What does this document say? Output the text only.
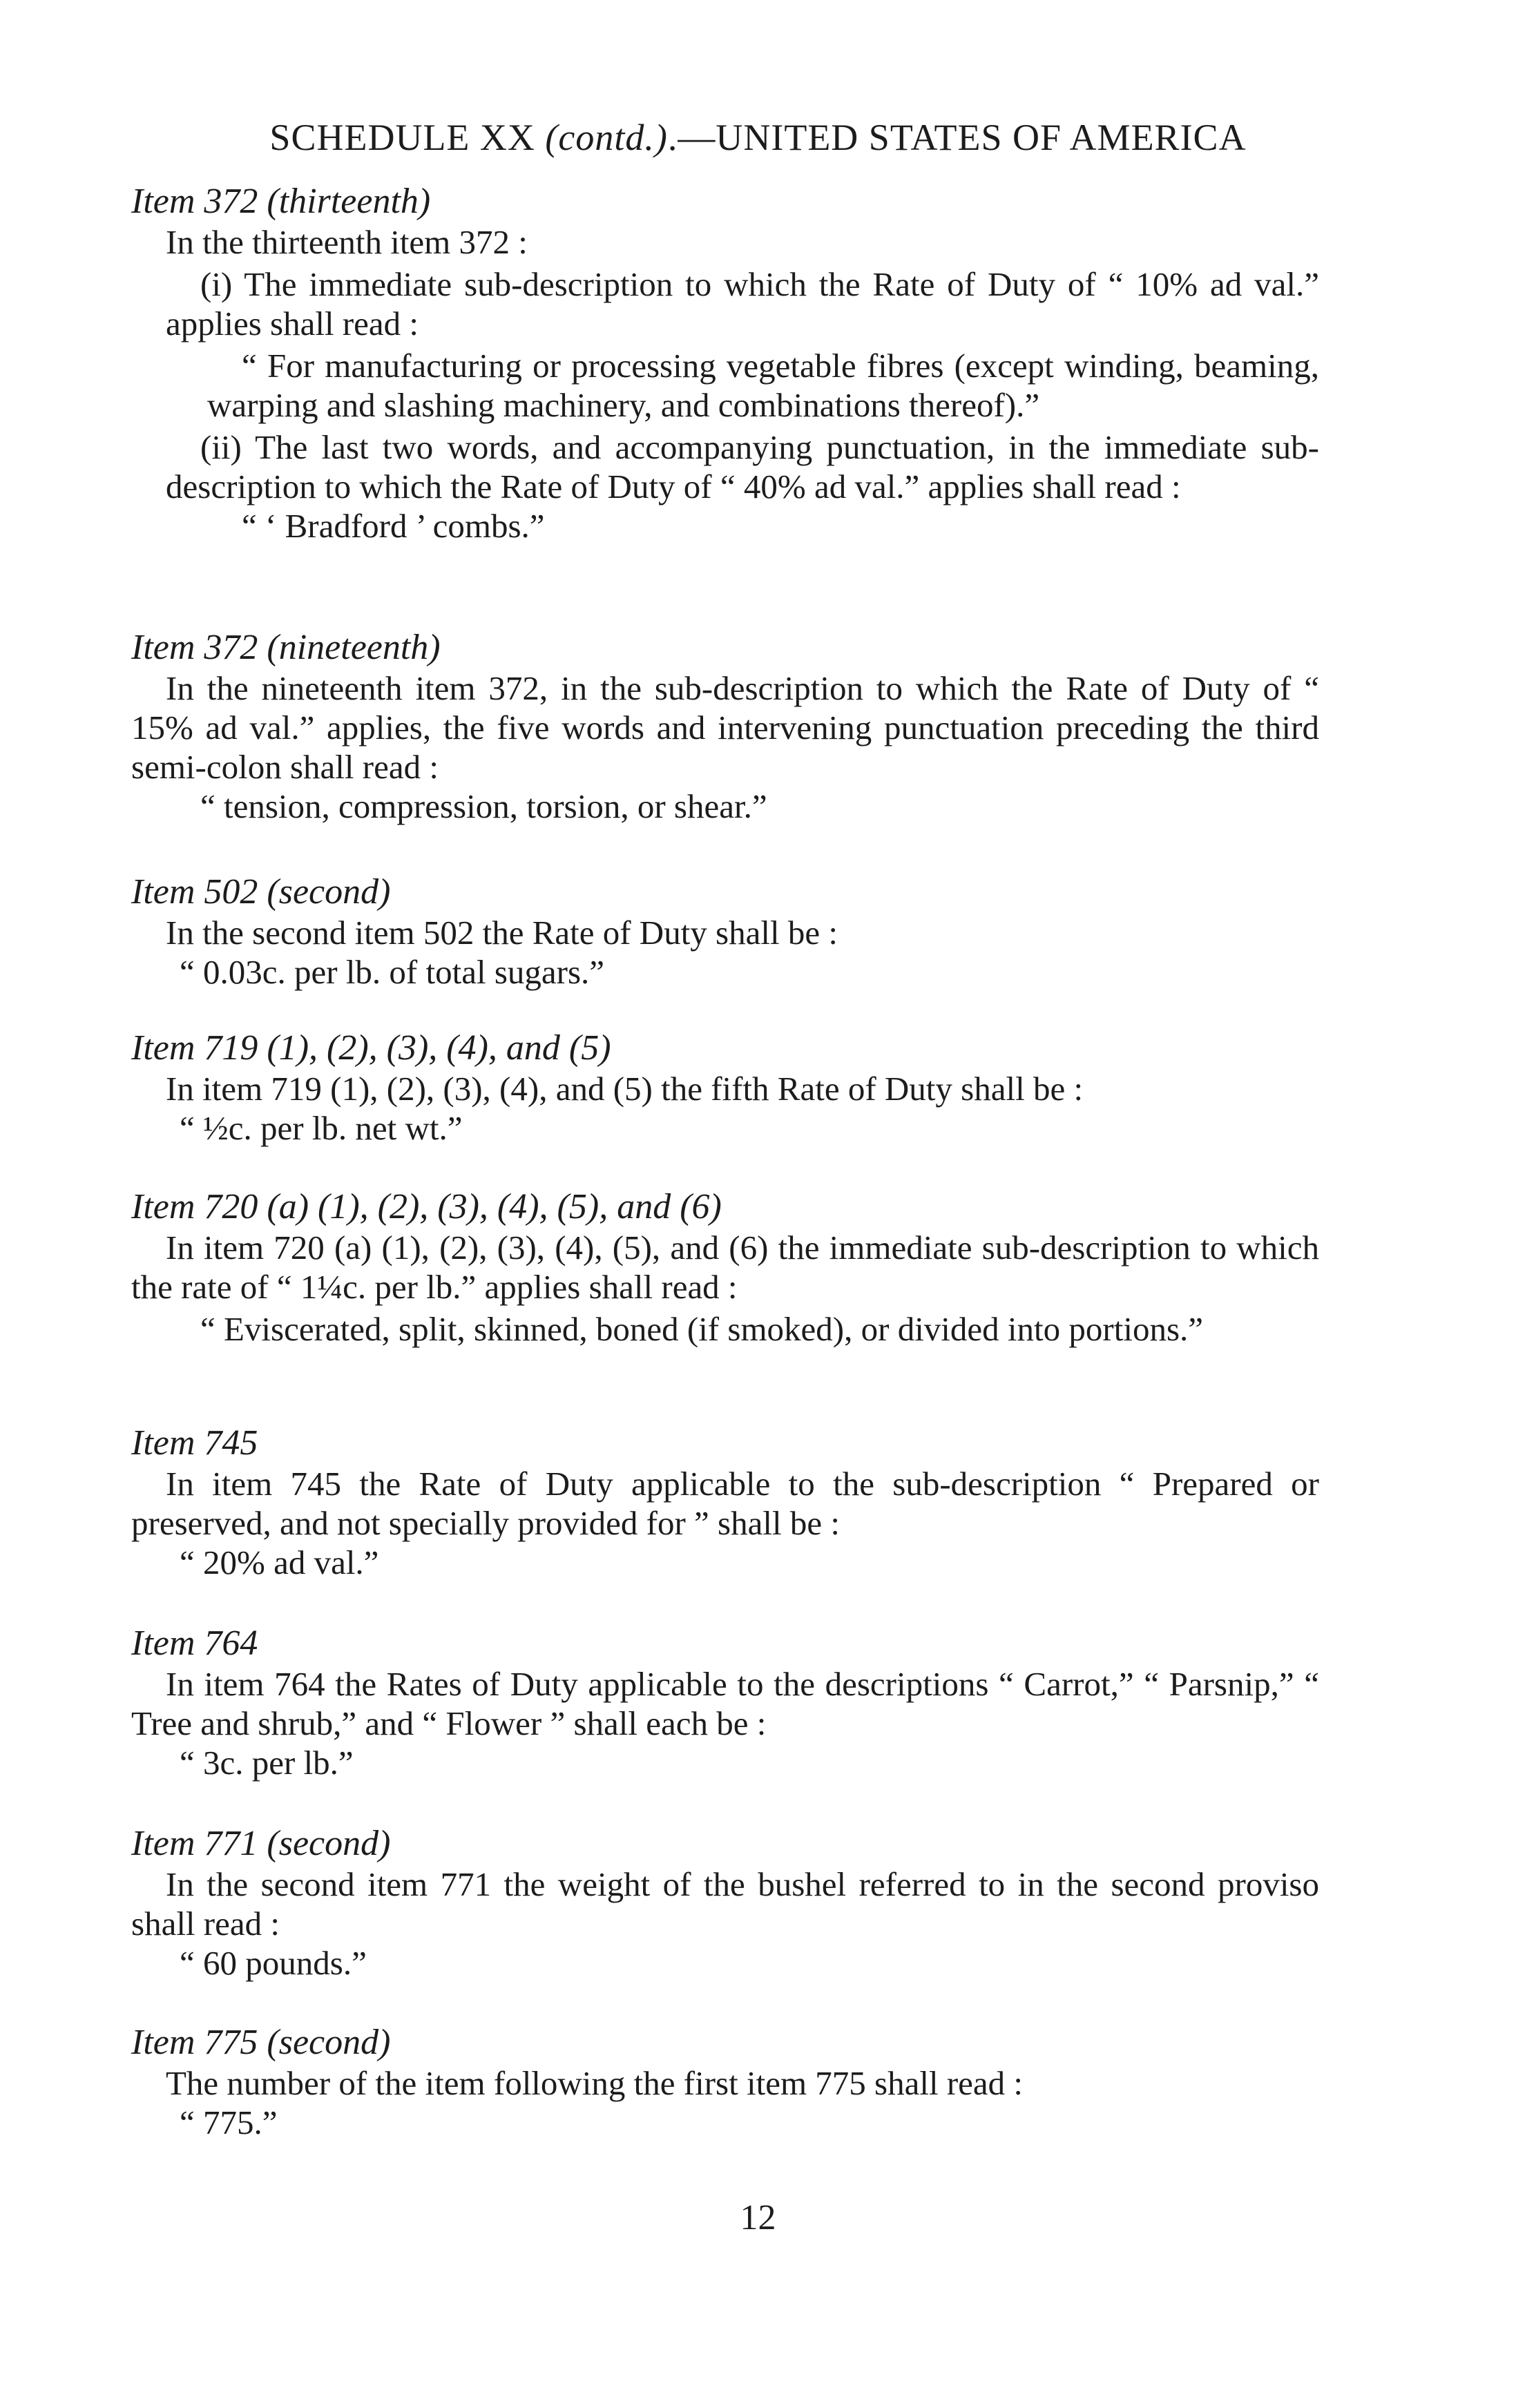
SCHEDULE XX (contd.).—UNITED STATES OF AMERICA
Item 372 (thirteenth)
In the thirteenth item 372 :
(i) The immediate sub-description to which the Rate of Duty of “ 10% ad val.” applies shall read :
“ For manufacturing or processing vegetable fibres (except winding, beaming, warping and slashing machinery, and combinations thereof).”
(ii) The last two words, and accompanying punctuation, in the immediate sub-description to which the Rate of Duty of “ 40% ad val.” applies shall read :
“ ‘ Bradford ’ combs.”
Item 372 (nineteenth)
In the nineteenth item 372, in the sub-description to which the Rate of Duty of “ 15% ad val.” applies, the five words and intervening punctuation preceding the third semi-colon shall read :
“ tension, compression, torsion, or shear.”
Item 502 (second)
In the second item 502 the Rate of Duty shall be :
“ 0.03c. per lb. of total sugars.”
Item 719 (1), (2), (3), (4), and (5)
In item 719 (1), (2), (3), (4), and (5) the fifth Rate of Duty shall be :
“ ½c. per lb. net wt.”
Item 720 (a) (1), (2), (3), (4), (5), and (6)
In item 720 (a) (1), (2), (3), (4), (5), and (6) the immediate sub-description to which the rate of “ 1¼c. per lb.” applies shall read :
“ Eviscerated, split, skinned, boned (if smoked), or divided into portions.”
Item 745
In item 745 the Rate of Duty applicable to the sub-description “ Prepared or preserved, and not specially provided for ” shall be :
“ 20% ad val.”
Item 764
In item 764 the Rates of Duty applicable to the descriptions “ Carrot,” “ Parsnip,” “ Tree and shrub,” and “ Flower ” shall each be :
“ 3c. per lb.”
Item 771 (second)
In the second item 771 the weight of the bushel referred to in the second proviso shall read :
“ 60 pounds.”
Item 775 (second)
The number of the item following the first item 775 shall read :
“ 775.”
12
